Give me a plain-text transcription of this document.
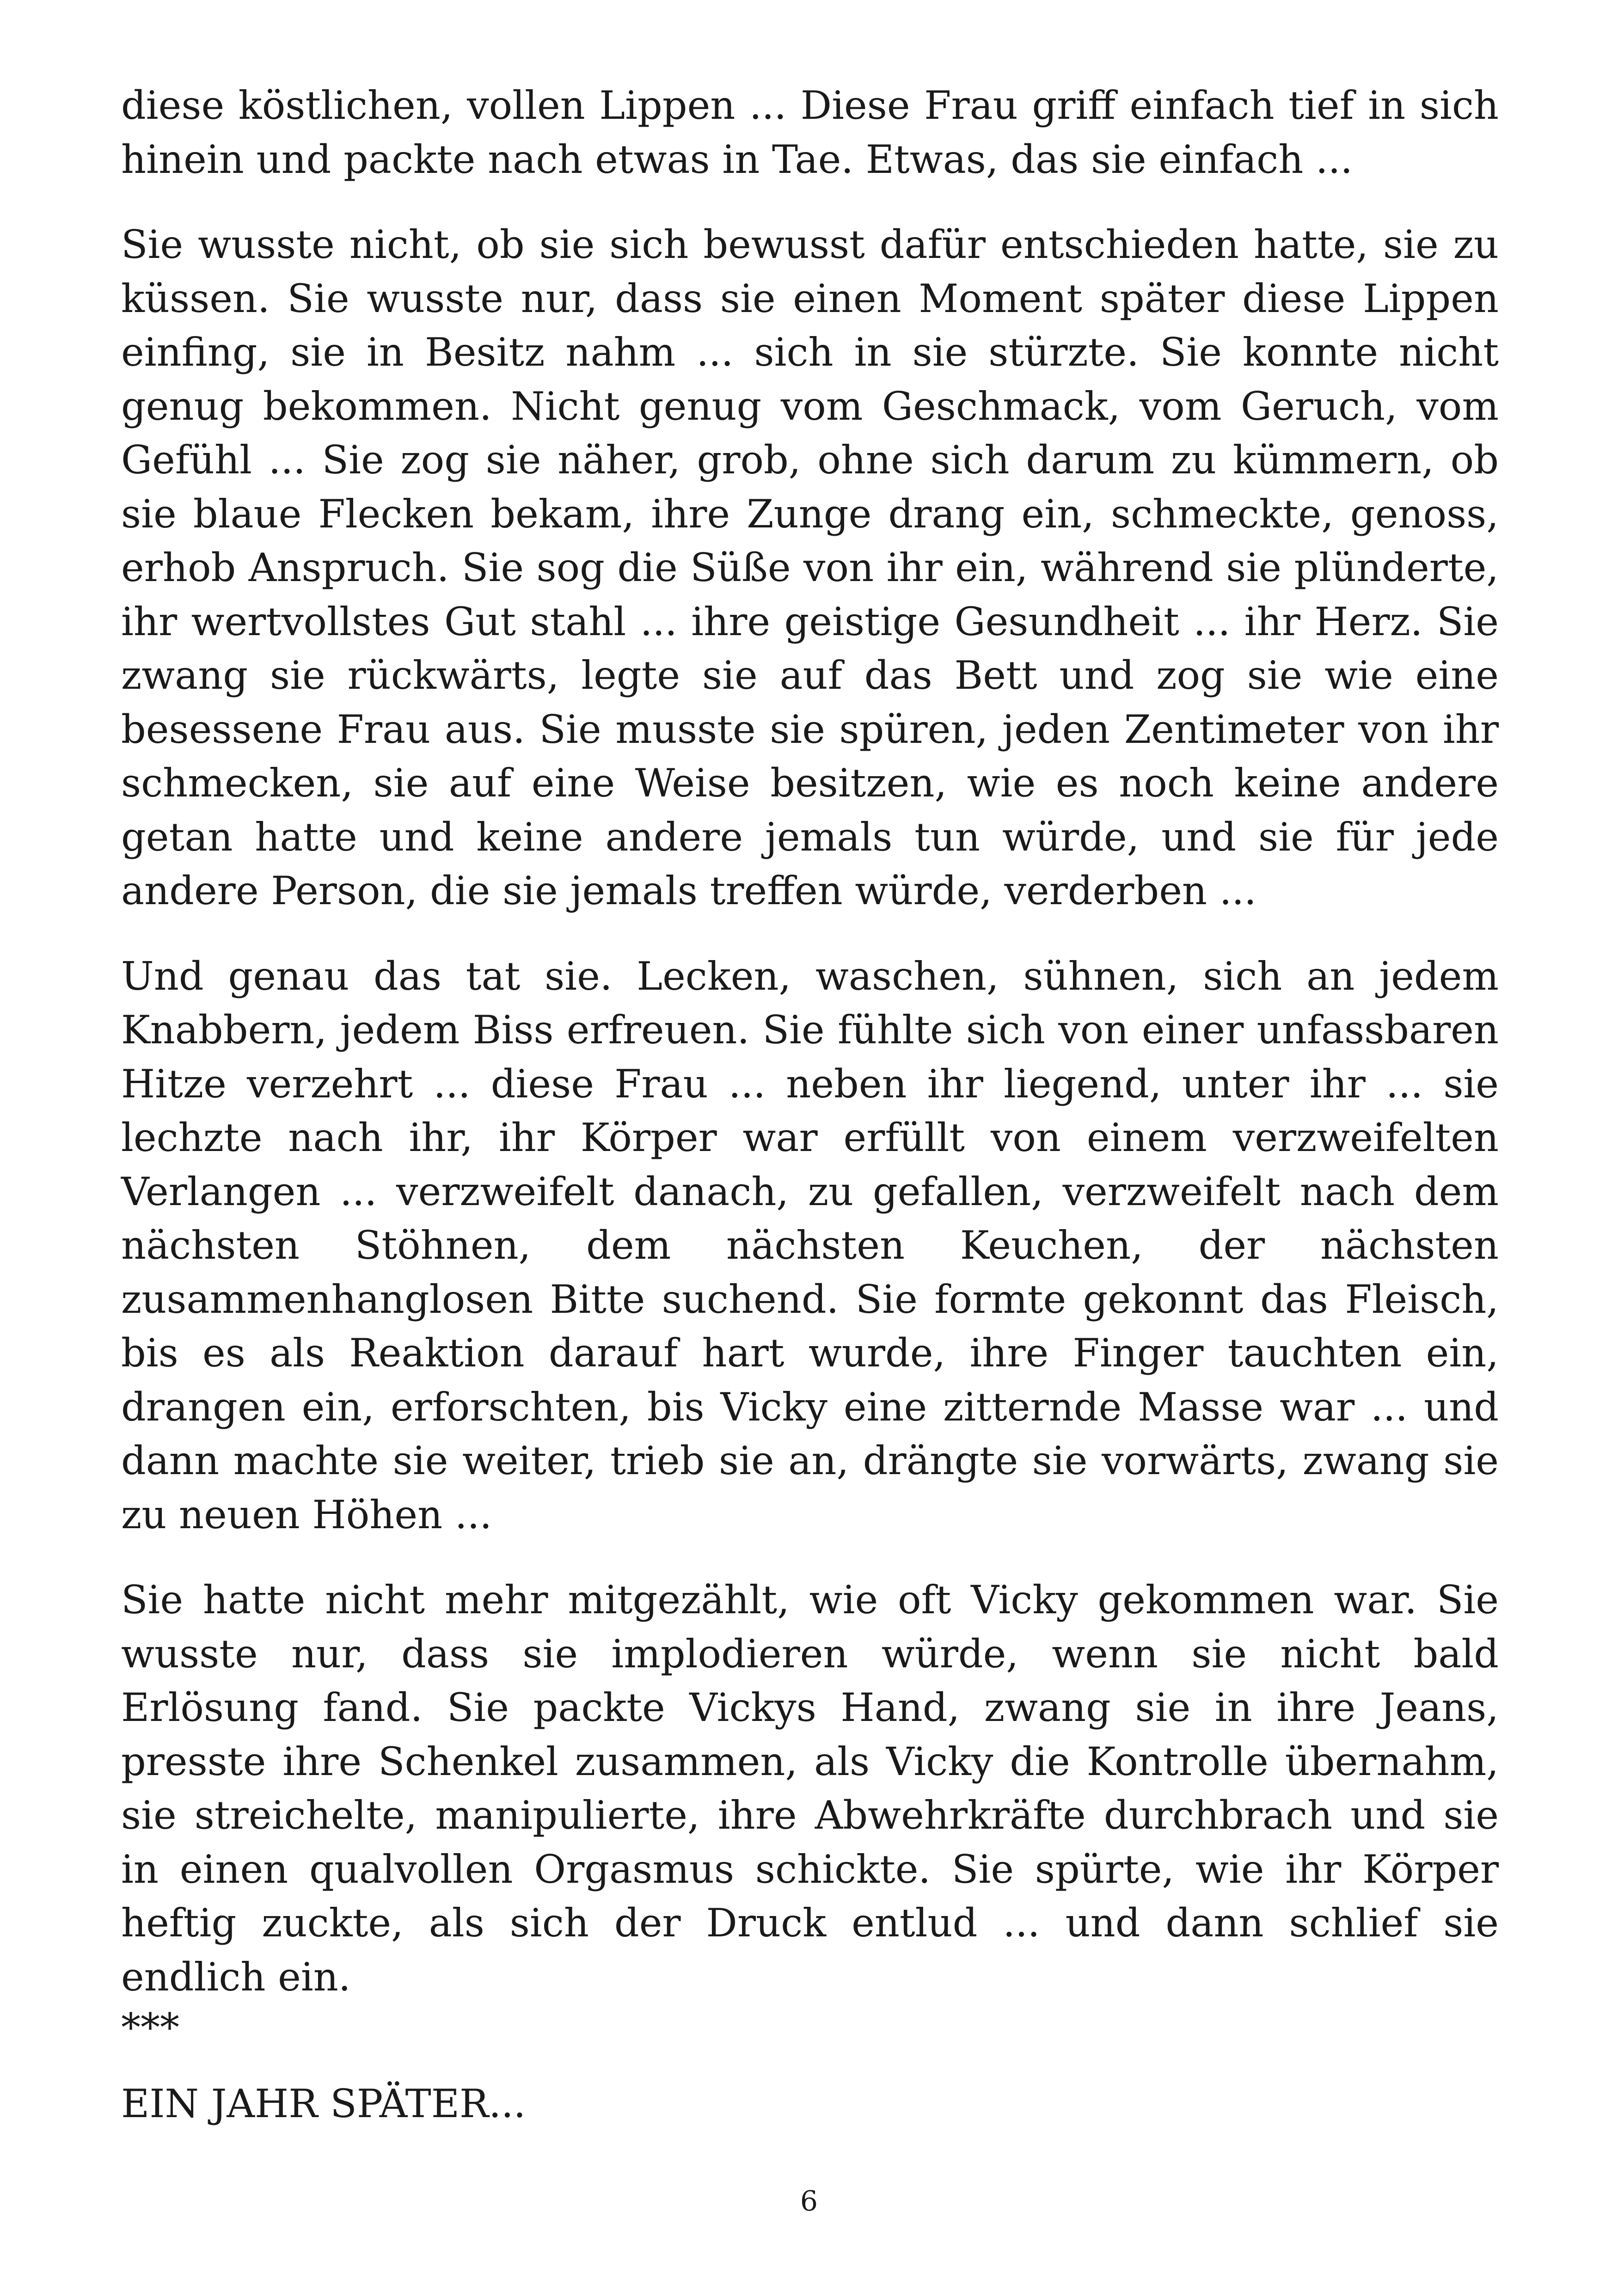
diese köstlichen, vollen Lippen ... Diese Frau griff einfach tief in sich hinein und packte nach etwas in Tae. Etwas, das sie einfach ...

Sie wusste nicht, ob sie sich bewusst dafür entschieden hatte, sie zu küssen. Sie wusste nur, dass sie einen Moment später diese Lippen einfing, sie in Besitz nahm ... sich in sie stürzte. Sie konnte nicht genug bekommen. Nicht genug vom Geschmack, vom Geruch, vom Gefühl ... Sie zog sie näher, grob, ohne sich darum zu kümmern, ob sie blaue Flecken bekam, ihre Zunge drang ein, schmeckte, genoss, erhob Anspruch. Sie sog die Süße von ihr ein, während sie plünderte, ihr wertvollstes Gut stahl ... ihre geistige Gesundheit ... ihr Herz. Sie zwang sie rückwärts, legte sie auf das Bett und zog sie wie eine besessene Frau aus. Sie musste sie spüren, jeden Zentimeter von ihr schmecken, sie auf eine Weise besitzen, wie es noch keine andere getan hatte und keine andere jemals tun würde, und sie für jede andere Person, die sie jemals treffen würde, verderben ...

Und genau das tat sie. Lecken, waschen, sühnen, sich an jedem Knabbern, jedem Biss erfreuen. Sie fühlte sich von einer unfassbaren Hitze verzehrt ... diese Frau ... neben ihr liegend, unter ihr ... sie lechzte nach ihr, ihr Körper war erfüllt von einem verzweifelten Verlangen ... verzweifelt danach, zu gefallen, verzweifelt nach dem nächsten Stöhnen, dem nächsten Keuchen, der nächsten zusammenhanglosen Bitte suchend. Sie formte gekonnt das Fleisch, bis es als Reaktion darauf hart wurde, ihre Finger tauchten ein, drangen ein, erforschten, bis Vicky eine zitternde Masse war ... und dann machte sie weiter, trieb sie an, drängte sie vorwärts, zwang sie zu neuen Höhen ...

Sie hatte nicht mehr mitgezählt, wie oft Vicky gekommen war. Sie wusste nur, dass sie implodieren würde, wenn sie nicht bald Erlösung fand. Sie packte Vickys Hand, zwang sie in ihre Jeans, presste ihre Schenkel zusammen, als Vicky die Kontrolle übernahm, sie streichelte, manipulierte, ihre Abwehrkräfte durchbrach und sie in einen qualvollen Orgasmus schickte. Sie spürte, wie ihr Körper heftig zuckte, als sich der Druck entlud ... und dann schlief sie endlich ein.

***
EIN JAHR SPÄTER...
6
